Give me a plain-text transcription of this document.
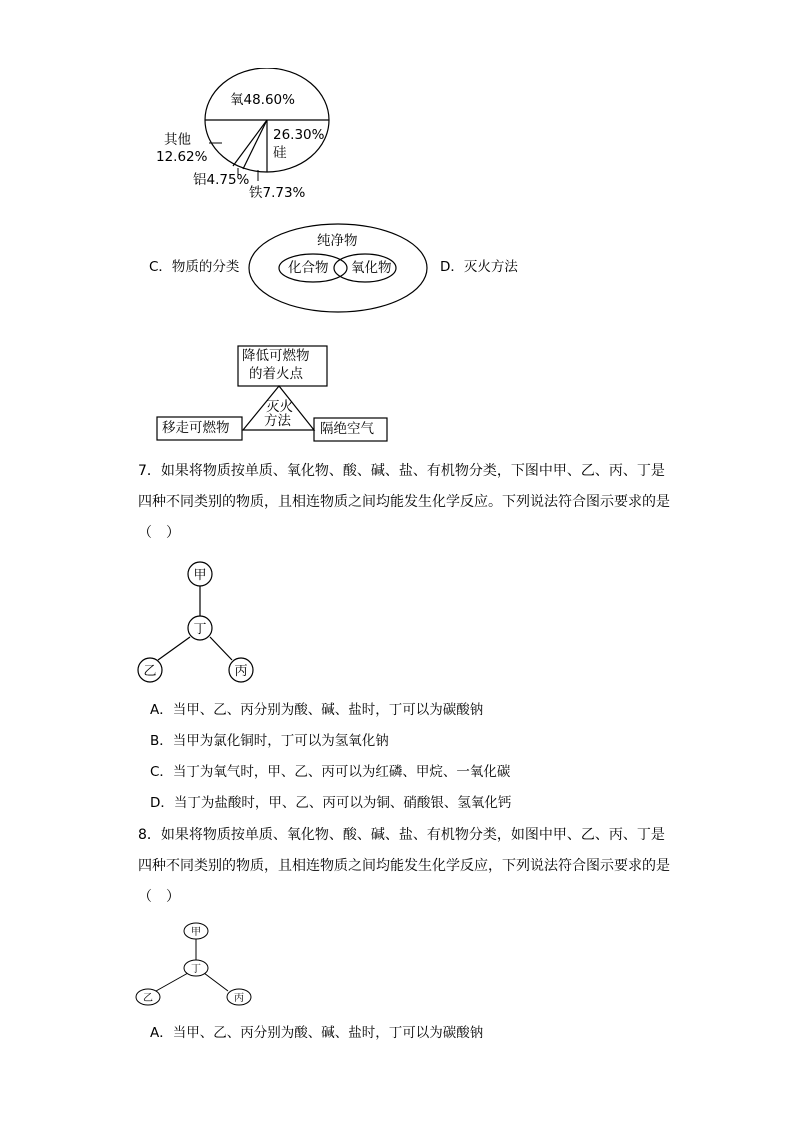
氧48.60%
26.30%
硅
其他
12.62%
铝4.75%
铁7.73%
C．物质的分类	D．灭火方法
纯净物
化合物 氧化物
降低可燃物
的着火点
灭火
方法
移走可燃物	隔绝空气
7．如果将物质按单质、氧化物、酸、碱、盐、有机物分类，下图中甲、乙、丙、丁是
四种不同类别的物质，且相连物质之间均能发生化学反应。下列说法符合图示要求的是
（　）
甲
丁
乙	丙
A．当甲、乙、丙分别为酸、碱、盐时，丁可以为碳酸钠
B．当甲为氯化铜时，丁可以为氢氧化钠
C．当丁为氧气时，甲、乙、丙可以为红磷、甲烷、一氧化碳
D．当丁为盐酸时，甲、乙、丙可以为铜、硝酸银、氢氧化钙
8．如果将物质按单质、氧化物、酸、碱、盐、有机物分类，如图中甲、乙、丙、丁是
四种不同类别的物质，且相连物质之间均能发生化学反应，下列说法符合图示要求的是
（　）
甲
丁
乙	丙
A．当甲、乙、丙分别为酸、碱、盐时，丁可以为碳酸钠
